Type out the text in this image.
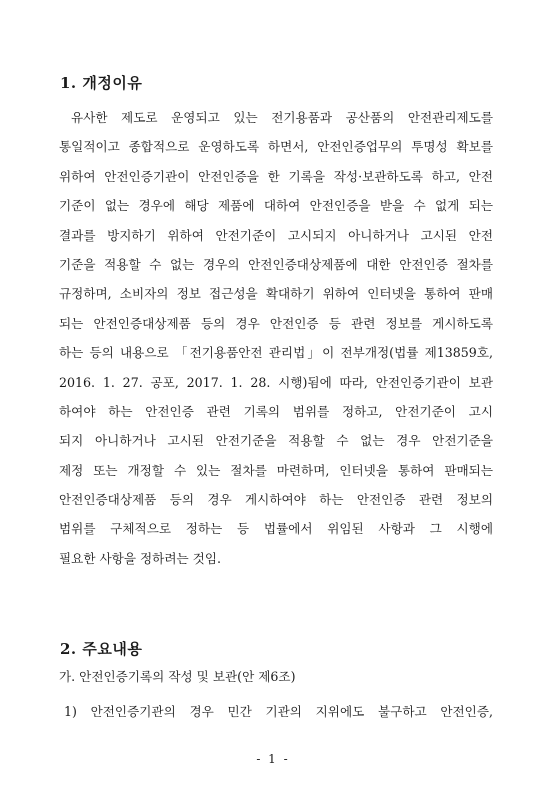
1. 개정이유
유사한 제도로 운영되고 있는 전기용품과 공산품의 안전관리제도를
통일적이고 종합적으로 운영하도록 하면서, 안전인증업무의 투명성 확보를
위하여 안전인증기관이 안전인증을 한 기록을 작성·보관하도록 하고, 안전
기준이 없는 경우에 해당 제품에 대하여 안전인증을 받을 수 없게 되는
결과를 방지하기 위하여 안전기준이 고시되지 아니하거나 고시된 안전
기준을 적용할 수 없는 경우의 안전인증대상제품에 대한 안전인증 절차를
규정하며, 소비자의 정보 접근성을 확대하기 위하여 인터넷을 통하여 판매
되는 안전인증대상제품 등의 경우 안전인증 등 관련 정보를 게시하도록
하는 등의 내용으로 「전기용품안전 관리법」이 전부개정(법률 제13859호,
2016. 1. 27. 공포, 2017. 1. 28. 시행)됨에 따라, 안전인증기관이 보관
하여야 하는 안전인증 관련 기록의 범위를 정하고, 안전기준이 고시
되지 아니하거나 고시된 안전기준을 적용할 수 없는 경우 안전기준을
제정 또는 개정할 수 있는 절차를 마련하며, 인터넷을 통하여 판매되는
안전인증대상제품 등의 경우 게시하여야 하는 안전인증 관련 정보의
범위를 구체적으로 정하는 등 법률에서 위임된 사항과 그 시행에
필요한 사항을 정하려는 것임.
2. 주요내용
가. 안전인증기록의 작성 및 보관(안 제6조)
1) 안전인증기관의 경우 민간 기관의 지위에도 불구하고 안전인증,
- 1 -
